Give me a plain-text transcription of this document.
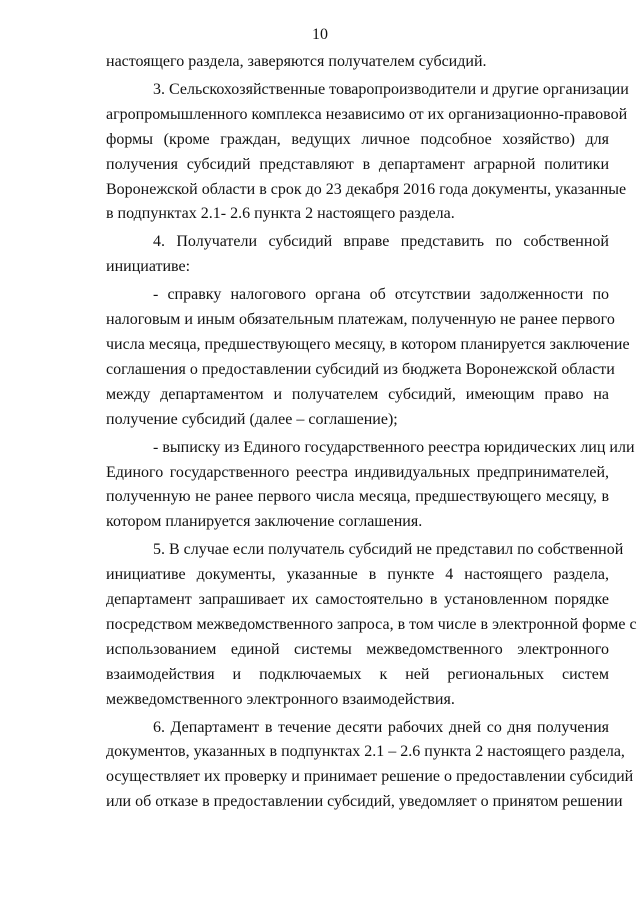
10
настоящего раздела, заверяются получателем субсидий.
3. Сельскохозяйственные товаропроизводители и другие организации
агропромышленного комплекса независимо от их организационно-правовой
формы (кроме граждан, ведущих личное подсобное хозяйство) для
получения субсидий представляют в департамент аграрной политики
Воронежской области в срок до 23 декабря 2016 года документы, указанные
в подпунктах 2.1- 2.6 пункта 2 настоящего раздела.
4. Получатели субсидий вправе представить по собственной
инициативе:
- справку налогового органа об отсутствии задолженности по
налоговым и иным обязательным платежам, полученную не ранее первого
числа месяца, предшествующего месяцу, в котором планируется заключение
соглашения о предоставлении субсидий из бюджета Воронежской области
между департаментом и получателем субсидий, имеющим право на
получение субсидий (далее – соглашение);
- выписку из Единого государственного реестра юридических лиц или
Единого государственного реестра индивидуальных предпринимателей,
полученную не ранее первого числа месяца, предшествующего месяцу, в
котором планируется заключение соглашения.
5. В случае если получатель субсидий не представил по собственной
инициативе документы, указанные в пункте 4 настоящего раздела,
департамент запрашивает их самостоятельно в установленном порядке
посредством межведомственного запроса, в том числе в электронной форме с
использованием единой системы межведомственного электронного
взаимодействия и подключаемых к ней региональных систем
межведомственного электронного взаимодействия.
6. Департамент в течение десяти рабочих дней со дня получения
документов, указанных в подпунктах 2.1 – 2.6 пункта 2 настоящего раздела,
осуществляет их проверку и принимает решение о предоставлении субсидий
или об отказе в предоставлении субсидий, уведомляет о принятом решении
